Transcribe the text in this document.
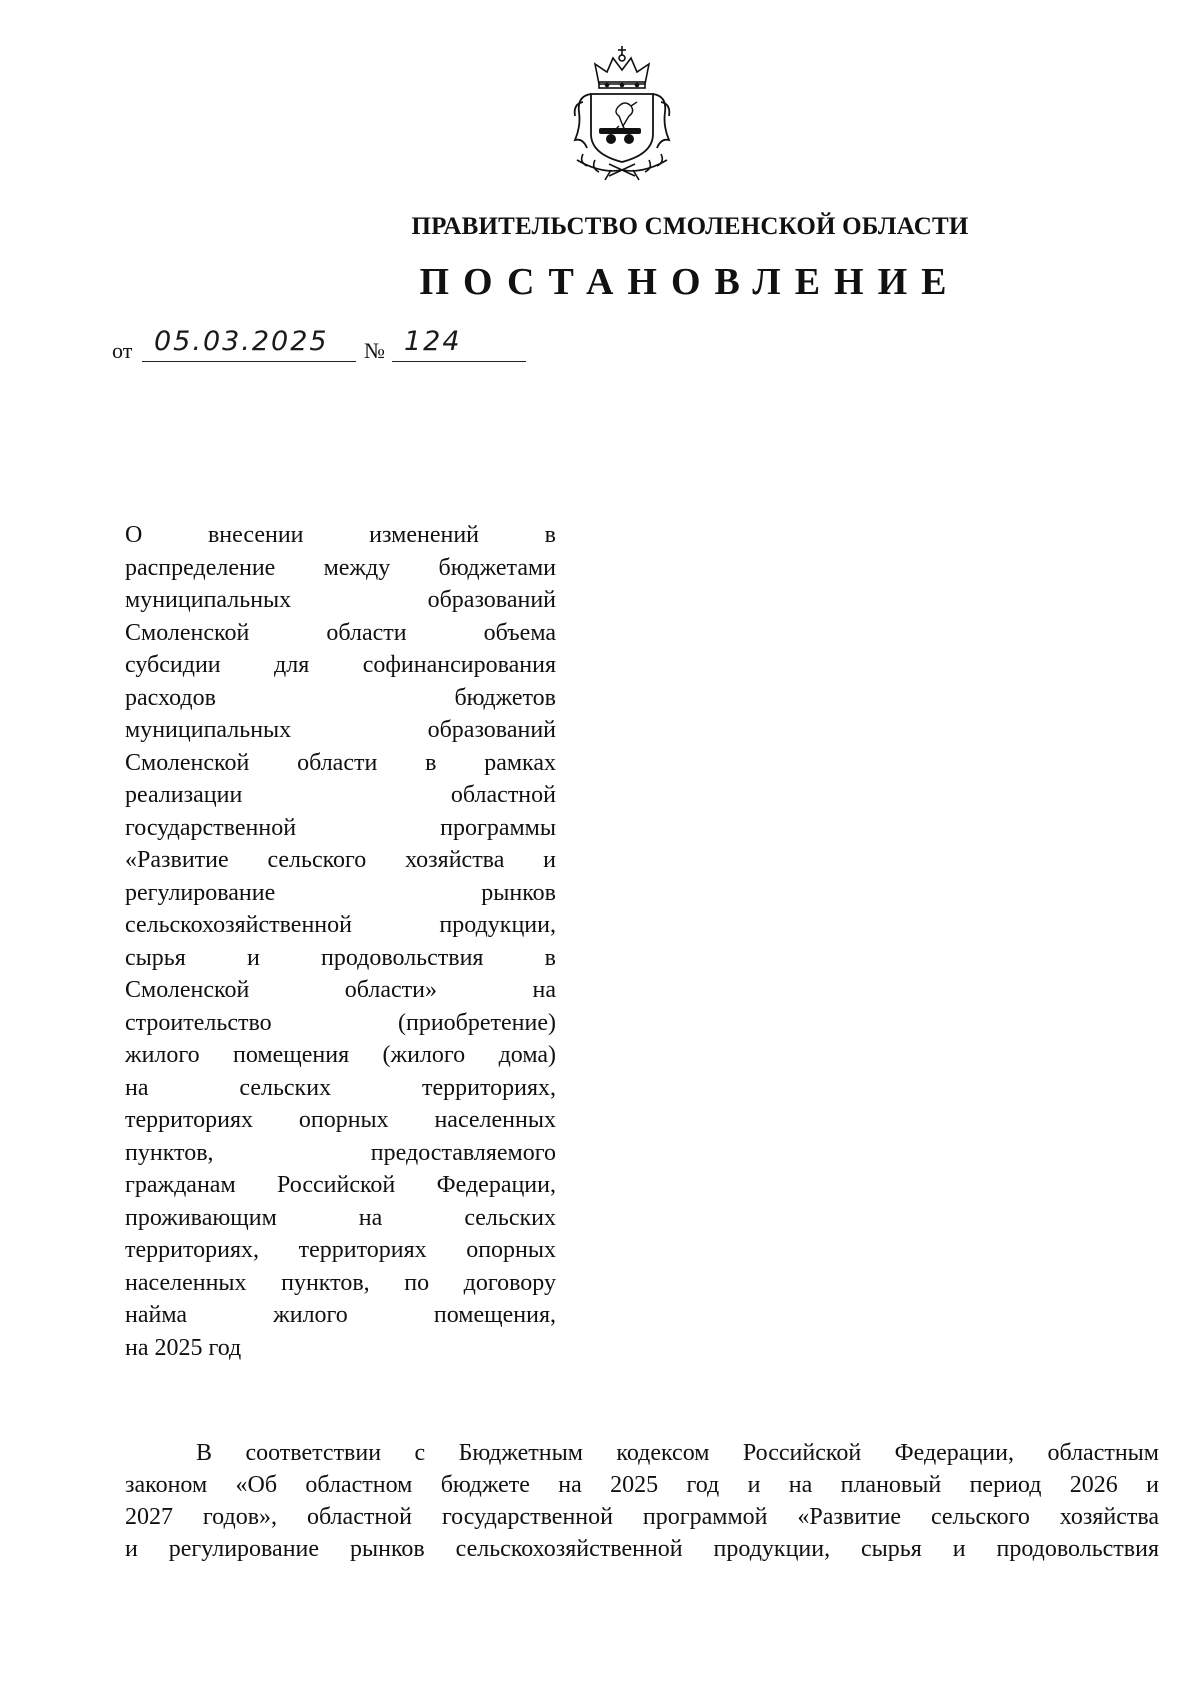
ПРАВИТЕЛЬСТВО СМОЛЕНСКОЙ ОБЛАСТИ
ПОСТАНОВЛЕНИЕ
от 05.03.2025 № 124
О внесении изменений в
распределение между бюджетами
муниципальных образований
Смоленской области объема
субсидии для софинансирования
расходов бюджетов
муниципальных образований
Смоленской области в рамках
реализации областной
государственной программы
«Развитие сельского хозяйства и
регулирование рынков
сельскохозяйственной продукции,
сырья и продовольствия в
Смоленской области» на
строительство (приобретение)
жилого помещения (жилого дома)
на сельских территориях,
территориях опорных населенных
пунктов, предоставляемого
гражданам Российской Федерации,
проживающим на сельских
территориях, территориях опорных
населенных пунктов, по договору
найма жилого помещения,
на 2025 год
В соответствии с Бюджетным кодексом Российской Федерации, областным
законом «Об областном бюджете на 2025 год и на плановый период 2026 и
2027 годов», областной государственной программой «Развитие сельского хозяйства
и регулирование рынков сельскохозяйственной продукции, сырья и продовольствия
